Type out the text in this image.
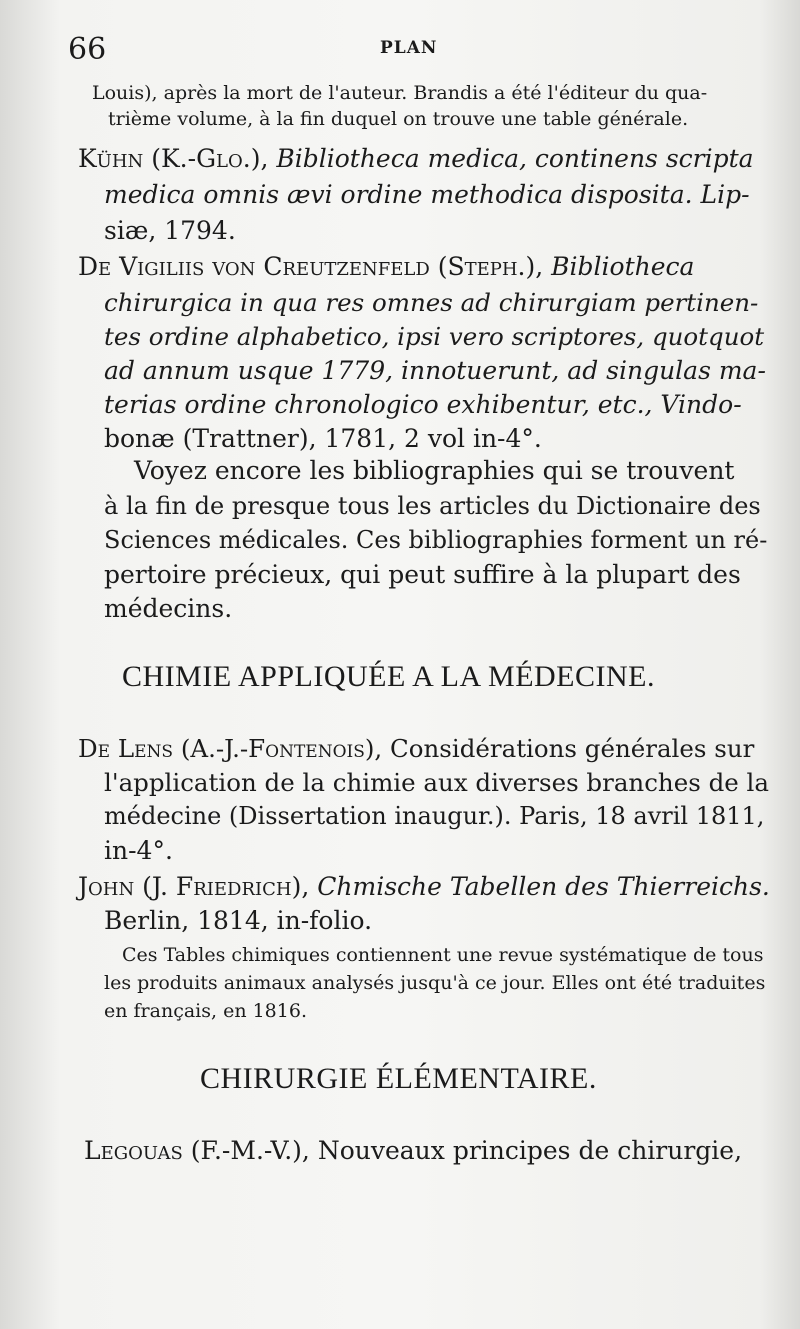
66	PLAN
Louis), après la mort de l'auteur. Brandis a été l'éditeur du qua-
trième volume, à la fin duquel on trouve une table générale.
Kühn (K.-Glo.), Bibliotheca medica, continens scripta
medica omnis ævi ordine methodica disposita. Lip-
siæ, 1794.
De Vigiliis von Creutzenfeld (Steph.), Bibliotheca
chirurgica in qua res omnes ad chirurgiam pertinen-
tes ordine alphabetico, ipsi vero scriptores, quotquot
ad annum usque 1779, innotuerunt, ad singulas ma-
terias ordine chronologico exhibentur, etc., Vindo-
bonæ (Trattner), 1781, 2 vol in-4°.
Voyez encore les bibliographies qui se trouvent
à la fin de presque tous les articles du Dictionaire des
Sciences médicales. Ces bibliographies forment un ré-
pertoire précieux, qui peut suffire à la plupart des
médecins.
CHIMIE APPLIQUÉE A LA MÉDECINE.
De Lens (A.-J.-Fontenois), Considérations générales sur
l'application de la chimie aux diverses branches de la
médecine (Dissertation inaugur.). Paris, 18 avril 1811,
in-4°.
John (J. Friedrich), Chmische Tabellen des Thierreichs.
Berlin, 1814, in-folio.
Ces Tables chimiques contiennent une revue systématique de tous
les produits animaux analysés jusqu'à ce jour. Elles ont été traduites
en français, en 1816.
CHIRURGIE ÉLÉMENTAIRE.
Legouas (F.-M.-V.), Nouveaux principes de chirurgie,
